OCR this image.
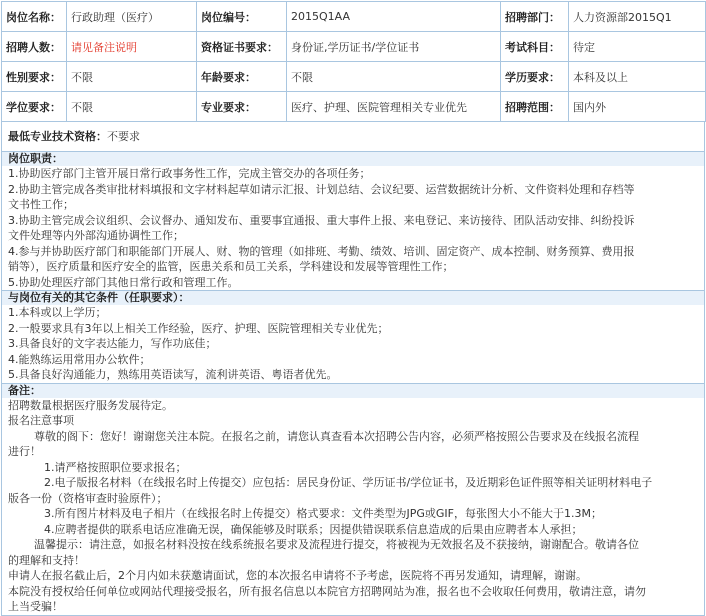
岗位名称：	行政助理（医疗）	岗位编号：	2015Q1AA	招聘部门：	人力资源部2015Q1
招聘人数：	请见备注说明	资格证书要求：	身份证,学历证书/学位证书	考试科目：	待定
性别要求：	不限	年龄要求：	不限	学历要求：	本科及以上
学位要求：	不限	专业要求：	医疗、护理、医院管理相关专业优先	招聘范围：	国内外
最低专业技术资格：不要求
岗位职责：
1.协助医疗部门主管开展日常行政事务性工作，完成主管交办的各项任务；
2.协助主管完成各类审批材料填报和文字材料起草如请示汇报、计划总结、会议纪要、运营数据统计分析、文件资料处理和存档等
文书性工作；
3.协助主管完成会议组织、会议督办、通知发布、重要事宜通报、重大事件上报、来电登记、来访接待、团队活动安排、纠纷投诉
文件处理等内外部沟通协调性工作；
4.参与并协助医疗部门和职能部门开展人、财、物的管理（如排班、考勤、绩效、培训、固定资产、成本控制、财务预算、费用报
销等），医疗质量和医疗安全的监管，医患关系和员工关系，学科建设和发展等管理性工作；
5.协助处理医疗部门其他日常行政和管理工作。
与岗位有关的其它条件（任职要求）：
1.本科或以上学历；
2.一般要求具有3年以上相关工作经验，医疗、护理、医院管理相关专业优先；
3.具备良好的文字表达能力，写作功底佳；
4.能熟练运用常用办公软件；
5.具备良好沟通能力，熟练用英语读写，流利讲英语、粤语者优先。
备注：
招聘数量根据医疗服务发展待定。
报名注意事项
尊敬的阁下：您好！谢谢您关注本院。在报名之前，请您认真查看本次招聘公告内容，必须严格按照公告要求及在线报名流程
进行！
1.请严格按照职位要求报名；
2.电子版报名材料（在线报名时上传提交）应包括：居民身份证、学历证书/学位证书，及近期彩色证件照等相关证明材料电子
版各一份（资格审查时验原件）；
3.所有图片材料及电子相片（在线报名时上传提交）格式要求：文件类型为JPG或GIF，每张图大小不能大于1.3M；
4.应聘者提供的联系电话应准确无误，确保能够及时联系；因提供错误联系信息造成的后果由应聘者本人承担；
温馨提示：请注意，如报名材料没按在线系统报名要求及流程进行提交，将被视为无效报名及不获接纳，谢谢配合。敬请各位
的理解和支持！
申请人在报名截止后，2个月内如未获邀请面试，您的本次报名申请将不予考虑，医院将不再另发通知，请理解，谢谢。
本院没有授权给任何单位或网站代理接受报名，所有报名信息以本院官方招聘网站为准，报名也不会收取任何费用，敬请注意，请勿
上当受骗！
